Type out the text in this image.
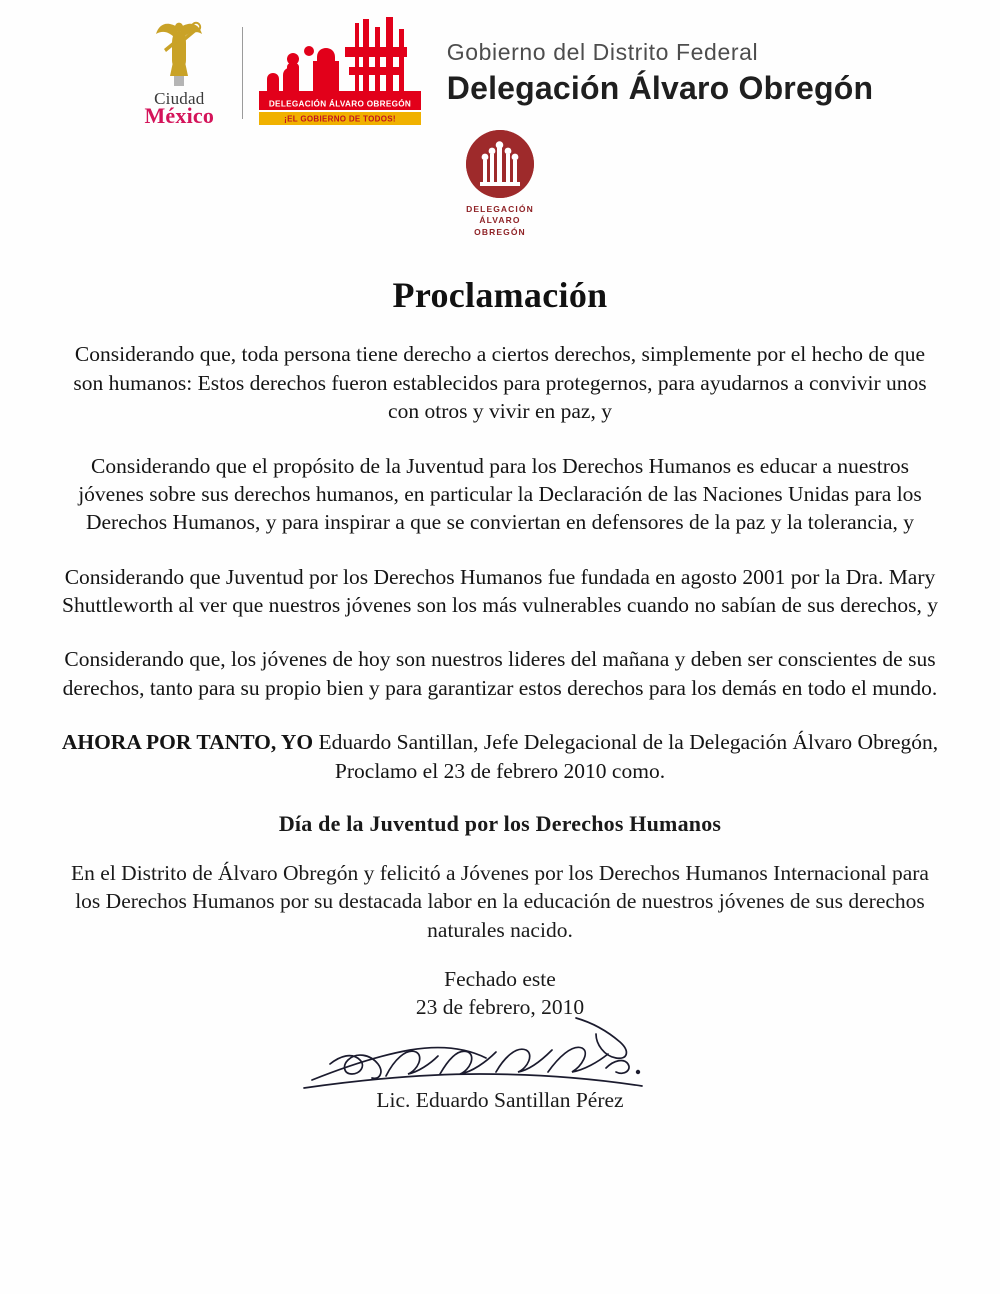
Ciudad
México	DELEGACIÓN ÁLVARO OBREGÓN
¡EL GOBIERNO DE TODOS!
Gobierno del Distrito Federal
Delegación Álvaro Obregón
DELEGACIÓN
ÁLVARO
OBREGÓN
Proclamación

Considerando que, toda persona tiene derecho a ciertos derechos, simplemente por el hecho de que son humanos: Estos derechos fueron establecidos para protegernos, para ayudarnos a convivir unos con otros y vivir en paz, y

Considerando que el propósito de la Juventud para los Derechos Humanos es educar a nuestros jóvenes sobre sus derechos humanos, en particular la Declaración de las Naciones Unidas para los Derechos Humanos, y para inspirar a que se conviertan en defensores de la paz y la tolerancia, y

Considerando que Juventud por los Derechos Humanos fue fundada en agosto 2001 por la Dra. Mary Shuttleworth al ver que nuestros jóvenes son los más vulnerables cuando no sabían de sus derechos, y

Considerando que, los jóvenes de hoy son nuestros lideres del mañana y deben ser conscientes de sus derechos, tanto para su propio bien y para garantizar estos derechos para los demás en todo el mundo.

AHORA POR TANTO, YO Eduardo Santillan, Jefe Delegacional de la Delegación Álvaro Obregón, Proclamo el 23 de febrero 2010 como.

Día de la Juventud por los Derechos Humanos

En el Distrito de Álvaro Obregón y felicitó a Jóvenes por los Derechos Humanos Internacional para los Derechos Humanos por su destacada labor en la educación de nuestros jóvenes de sus derechos naturales nacido.

Fechado este
23 de febrero, 2010
Lic. Eduardo Santillan Pérez
